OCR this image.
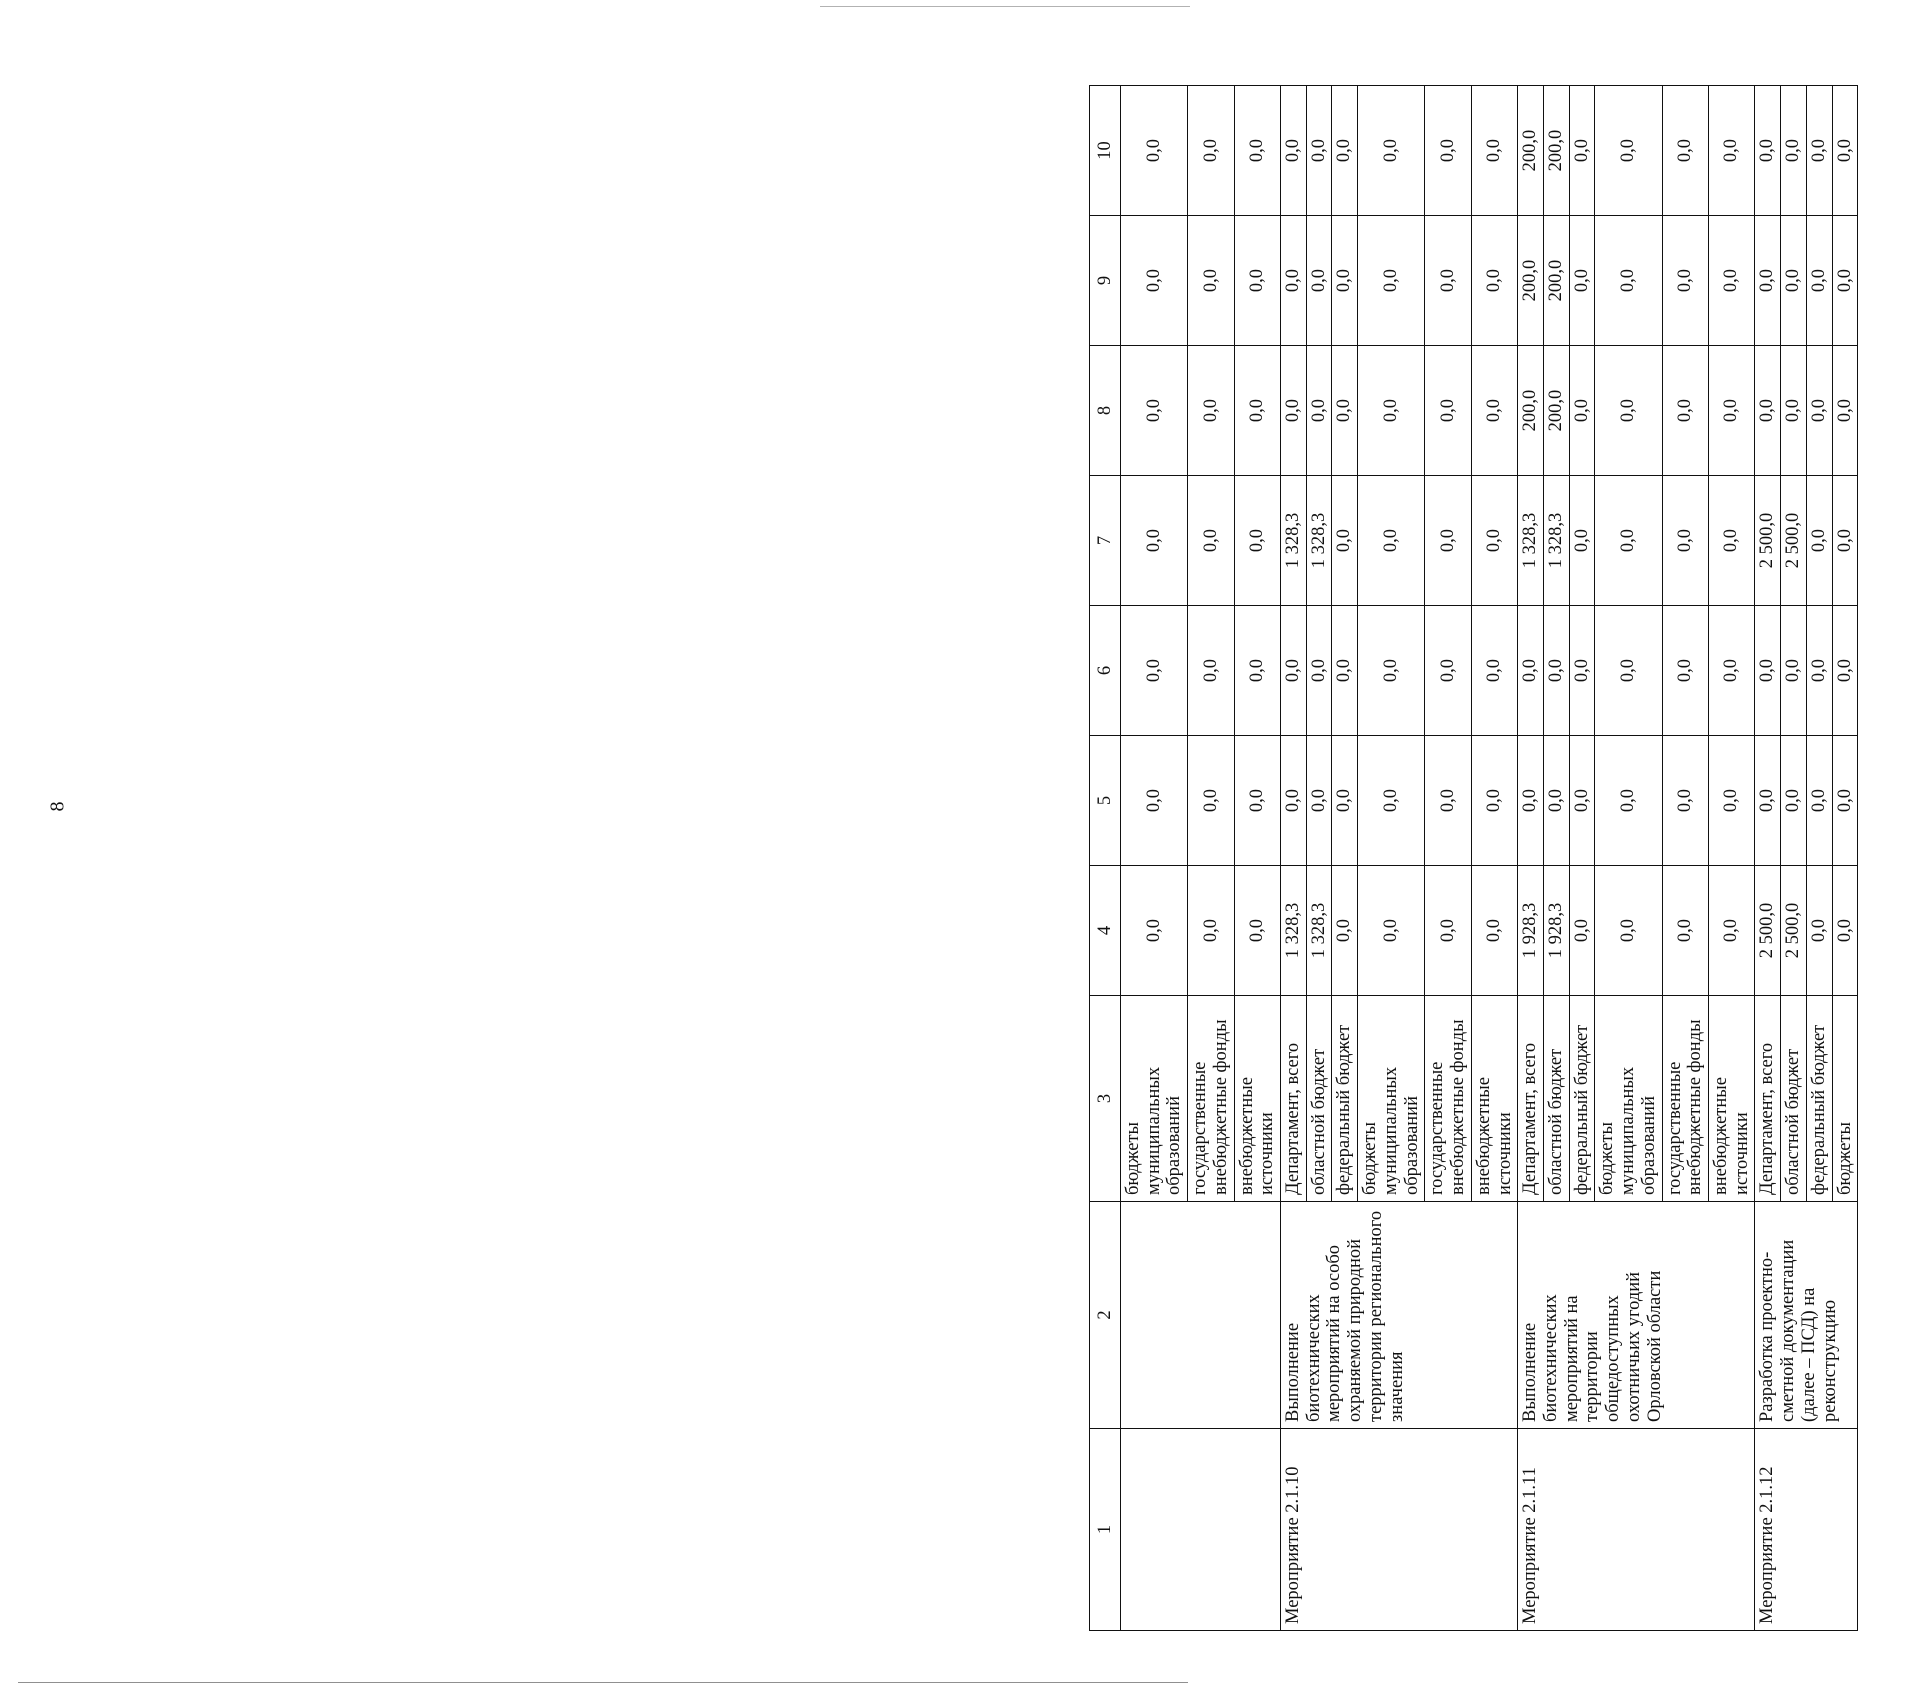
8
1	2	3	4	5	6	7	8	9	10
		бюджеты муниципальных образований	0,0	0,0	0,0	0,0	0,0	0,0	0,0
		государственные внебюджетные фонды	0,0	0,0	0,0	0,0	0,0	0,0	0,0
		внебюджетные источники	0,0	0,0	0,0	0,0	0,0	0,0	0,0
Мероприятие 2.1.10	Выполнение биотехнических мероприятий на особо охраняемой природной территории регионального значения	Департамент, всего	1 328,3	0,0	0,0	1 328,3	0,0	0,0	0,0
		областной бюджет	1 328,3	0,0	0,0	1 328,3	0,0	0,0	0,0
		федеральный бюджет	0,0	0,0	0,0	0,0	0,0	0,0	0,0
		бюджеты муниципальных образований	0,0	0,0	0,0	0,0	0,0	0,0	0,0
		государственные внебюджетные фонды	0,0	0,0	0,0	0,0	0,0	0,0	0,0
		внебюджетные источники	0,0	0,0	0,0	0,0	0,0	0,0	0,0
Мероприятие 2.1.11	Выполнение биотехнических мероприятий на территории общедоступных охотничьих угодий Орловской области	Департамент, всего	1 928,3	0,0	0,0	1 328,3	200,0	200,0	200,0
		областной бюджет	1 928,3	0,0	0,0	1 328,3	200,0	200,0	200,0
		федеральный бюджет	0,0	0,0	0,0	0,0	0,0	0,0	0,0
		бюджеты муниципальных образований	0,0	0,0	0,0	0,0	0,0	0,0	0,0
		государственные внебюджетные фонды	0,0	0,0	0,0	0,0	0,0	0,0	0,0
		внебюджетные источники	0,0	0,0	0,0	0,0	0,0	0,0	0,0
Мероприятие 2.1.12	Разработка проектно-сметной документации (далее – ПСД) на реконструкцию	Департамент, всего	2 500,0	0,0	0,0	2 500,0	0,0	0,0	0,0
		областной бюджет	2 500,0	0,0	0,0	2 500,0	0,0	0,0	0,0
		федеральный бюджет	0,0	0,0	0,0	0,0	0,0	0,0	0,0
		бюджеты	0,0	0,0	0,0	0,0	0,0	0,0	0,0
